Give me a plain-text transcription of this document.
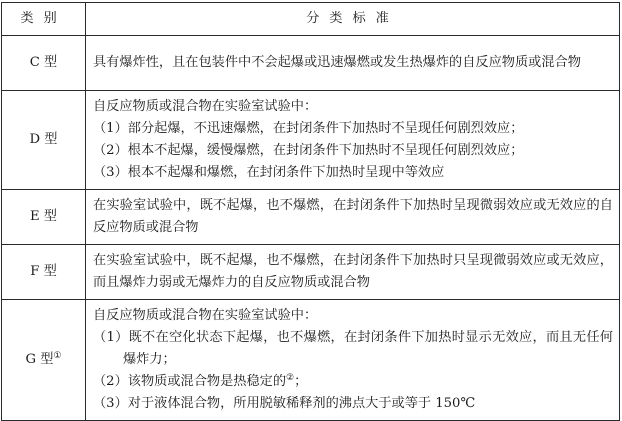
类别	分类标准
C 型	具有爆炸性，且在包装件中不会起爆或迅速爆燃或发生热爆炸的自反应物质或混合物

D 型	自反应物质或混合物在实验室试验中：
（1）部分起爆，不迅速爆燃，在封闭条件下加热时不呈现任何剧烈效应；
（2）根本不起爆，缓慢爆燃，在封闭条件下加热时不呈现任何剧烈效应；
（3）根本不起爆和爆燃，在封闭条件下加热时呈现中等效应

E 型	在实验室试验中，既不起爆，也不爆燃，在封闭条件下加热时呈现微弱效应或无效应的自反应物质或混合物

F 型	在实验室试验中，既不起爆，也不爆燃，在封闭条件下加热时只呈现微弱效应或无效应，而且爆炸力弱或无爆炸力的自反应物质或混合物

G 型①	自反应物质或混合物在实验室试验中：
（1）既不在空化状态下起爆，也不爆燃，在封闭条件下加热时显示无效应，而且无任何爆炸力；
（2）该物质或混合物是热稳定的②；
（3）对于液体混合物，所用脱敏稀释剂的沸点大于或等于 150℃
